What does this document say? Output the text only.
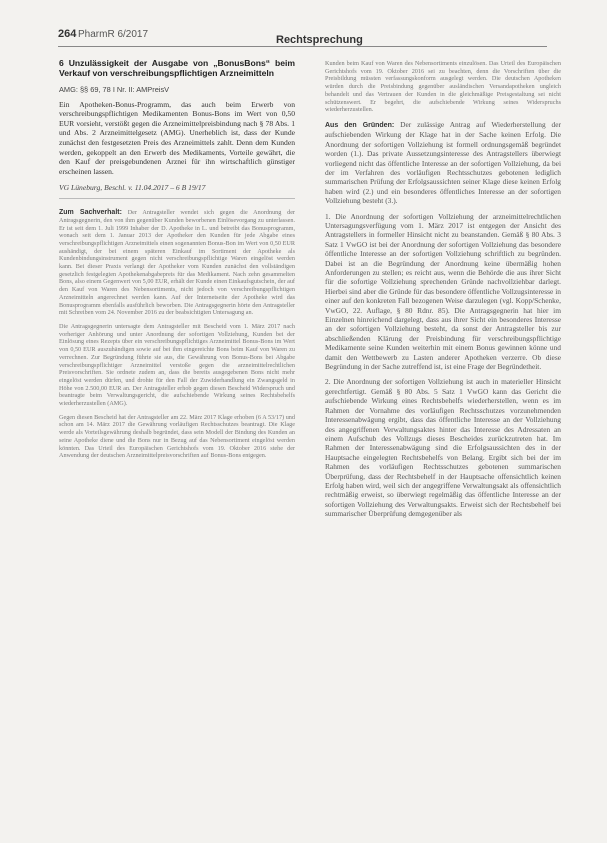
264 PharmR 6/2017	Rechtsprechung
6 Unzulässigkeit der Ausgabe von „BonusBons“ beim Verkauf von verschreibungspflichtigen Arzneimitteln
AMG: §§ 69, 78 I Nr. II: AMPreisV
Ein Apotheken-Bonus-Programm, das auch beim Erwerb von verschreibungspflichtigen Medikamenten Bonus-Bons im Wert von 0,50 EUR vorsieht, verstößt gegen die Arzneimittelpreisbindung nach § 78 Abs. 1 und Abs. 2 Arzneimittelgesetz (AMG). Unerheblich ist, dass der Kunde zunächst den festgesetzten Preis des Arzneimittels zahlt. Denn dem Kunden werden, gekoppelt an den Erwerb des Medikaments, Vorteile gewährt, die den Kauf der preisgebundenen Arznei für ihn wirtschaftlich günstiger erscheinen lassen.
VG Lüneburg, Beschl. v. 11.04.2017 – 6 B 19/17

Zum Sachverhalt: Der Antragsteller wendet sich gegen die Anordnung der Antragsgegnerin, den von ihm gegenüber Kunden beworbenen Einlösevorgang zu unterlassen. Er ist seit dem 1. Juli 1999 Inhaber der D. Apotheke in L. und betreibt das Bonusprogramm, wonach seit dem 1. Januar 2013 der Apotheker den Kunden für jede Abgabe eines verschreibungspflichtigen Arzneimittels einen sogenannten Bonus-Bon im Wert von 0,50 EUR aushändigt, der bei einem späteren Einkauf im Sortiment der Apotheke als Kundenbindungsinstrument gegen nicht verschreibungspflichtige Waren eingelöst werden kann. Bei dieser Praxis verlangt der Apotheker vom Kunden zunächst den vollständigen gesetzlich festgelegten Apothekenabgabepreis für das Medikament. Nach zehn gesammelten Bons, also einem Gegenwert von 5,00 EUR, erhält der Kunde einen Einkaufsgutschein, der auf den Kauf von Waren des Nebensortiments, nicht jedoch von verschreibungspflichtigen Arzneimitteln angerechnet werden kann. Auf der Internetseite der Apotheke wird das Bonusprogramm ebenfalls ausführlich beworben. Die Antragsgegnerin hörte den Antragsteller mit Schreiben vom 24. November 2016 zu der beabsichtigten Untersagung an.

Die Antragsgegnerin untersagte dem Antragsteller mit Bescheid vom 1. März 2017 nach vorheriger Anhörung und unter Anordnung der sofortigen Vollziehung, Kunden bei der Einlösung eines Rezepts über ein verschreibungspflichtiges Arzneimittel Bonus-Bons im Wert von 0,50 EUR auszuhändigen sowie auf bei ihm eingereichte Bons beim Kauf von Waren zu verrechnen. Zur Begründung führte sie aus, die Gewährung von Bonus-Bons bei Abgabe verschreibungspflichtiger Arzneimittel verstoße gegen die arzneimittelrechtlichen Preisvorschriften. Sie ordnete zudem an, dass die bereits ausgegebenen Bons nicht mehr eingelöst werden dürfen, und drohte für den Fall der Zuwiderhandlung ein Zwangsgeld in Höhe von 2.500,00 EUR an. Der Antragsteller erhob gegen diesen Bescheid Widerspruch und beantragte beim Verwaltungsgericht, die aufschiebende Wirkung seines Rechtsbehelfs wiederherzustellen (AMG).

Gegen diesen Bescheid hat der Antragsteller am 22. März 2017 Klage erhoben (6 A 53/17) und schon am 14. März 2017 die Gewährung vorläufigen Rechtsschutzes beantragt. Die Klage werde als Vorteilsgewährung deshalb begründet, dass sein Modell der Bindung des Kunden an seine Apotheke diene und die Bons nur in Bezug auf das Nebensortiment eingelöst werden könnten. Das Urteil des Europäischen Gerichtshofs vom 19. Oktober 2016 stehe der Anwendung der deutschen Arzneimittelpreisvorschriften auf Bonus-Bons entgegen.

Kunden beim Kauf von Waren des Nebensortiments einzulösen. Das Urteil des Europäischen Gerichtshofs vom 19. Oktober 2016 sei zu beachten, denn die Vorschriften über die Preisbildung müssten verfassungskonform ausgelegt werden. Die deutschen Apotheken würden durch die Preisbindung gegenüber ausländischen Versandapotheken ungleich behandelt und das Vertrauen der Kunden in die gleichmäßige Preisgestaltung sei nicht schützenswert. Er begehrt, die aufschiebende Wirkung seines Widerspruchs wiederherzustellen.

Aus den Gründen: Der zulässige Antrag auf Wiederherstellung der aufschiebenden Wirkung der Klage hat in der Sache keinen Erfolg. Die Anordnung der sofortigen Vollziehung ist formell ordnungsgemäß begründet worden (1.). Das private Aussetzungsinteresse des Antragstellers überwiegt vorliegend nicht das öffentliche Interesse an der sofortigen Vollziehung, da bei der im Verfahren des vorläufigen Rechtsschutzes gebotenen lediglich summarischen Prüfung der Erfolgsaussichten seiner Klage diese keinen Erfolg haben wird (2.) und ein besonderes öffentliches Interesse an der sofortigen Vollziehung besteht (3.).

1. Die Anordnung der sofortigen Vollziehung der arzneimittelrechtlichen Untersagungsverfügung vom 1. März 2017 ist entgegen der Ansicht des Antragstellers in formeller Hinsicht nicht zu beanstanden. Gemäß § 80 Abs. 3 Satz 1 VwGO ist bei der Anordnung der sofortigen Vollziehung das besondere öffentliche Interesse an der sofortigen Vollziehung schriftlich zu begründen. Dabei ist an die Begründung der Anordnung keine übermäßig hohen Anforderungen zu stellen; es reicht aus, wenn die Behörde die aus ihrer Sicht für die sofortige Vollziehung sprechenden Gründe nachvollziehbar darlegt. Hierbei sind aber die Gründe für das besondere öffentliche Vollzugsinteresse in einer auf den konkreten Fall bezogenen Weise darzulegen (vgl. Kopp/Schenke, VwGO, 22. Auflage, § 80 Rdnr. 85). Die Antragsgegnerin hat hier im Einzelnen hinreichend dargelegt, dass aus ihrer Sicht ein besonderes Interesse an der sofortigen Vollziehung besteht, da sonst der Antragsteller bis zur abschließenden Klärung der Preisbindung für verschreibungspflichtige Medikamente seine Kunden weiterhin mit einem Bonus gewinnen könne und damit den Wettbewerb zu Lasten anderer Apotheken verzerre. Ob diese Begründung in der Sache zutreffend ist, ist eine Frage der Begründetheit.

2. Die Anordnung der sofortigen Vollziehung ist auch in materieller Hinsicht gerechtfertigt. Gemäß § 80 Abs. 5 Satz 1 VwGO kann das Gericht die aufschiebende Wirkung eines Rechtsbehelfs wiederherstellen, wenn es im Rahmen der Vornahme des vorläufigen Rechtsschutzes vorzunehmenden Interessenabwägung ergibt, dass das öffentliche Interesse an der Vollziehung des angegriffenen Verwaltungsaktes hinter das Interesse des Adressaten an einem Aufschub des Vollzugs dieses Bescheides zurückzutreten hat. Im Rahmen der Interessenabwägung sind die Erfolgsaussichten des in der Hauptsache eingelegten Rechtsbehelfs von Belang. Ergibt sich bei der im Rahmen des vorläufigen Rechtsschutzes gebotenen summarischen Überprüfung, dass der Rechtsbehelf in der Hauptsache offensichtlich keinen Erfolg haben wird, weil sich der angegriffene Verwaltungsakt als offensichtlich rechtmäßig erweist, so überwiegt regelmäßig das öffentliche Interesse an der sofortigen Vollziehung des Verwaltungsakts. Erweist sich der Rechtsbehelf bei summarischer Überprüfung demgegenüber als
